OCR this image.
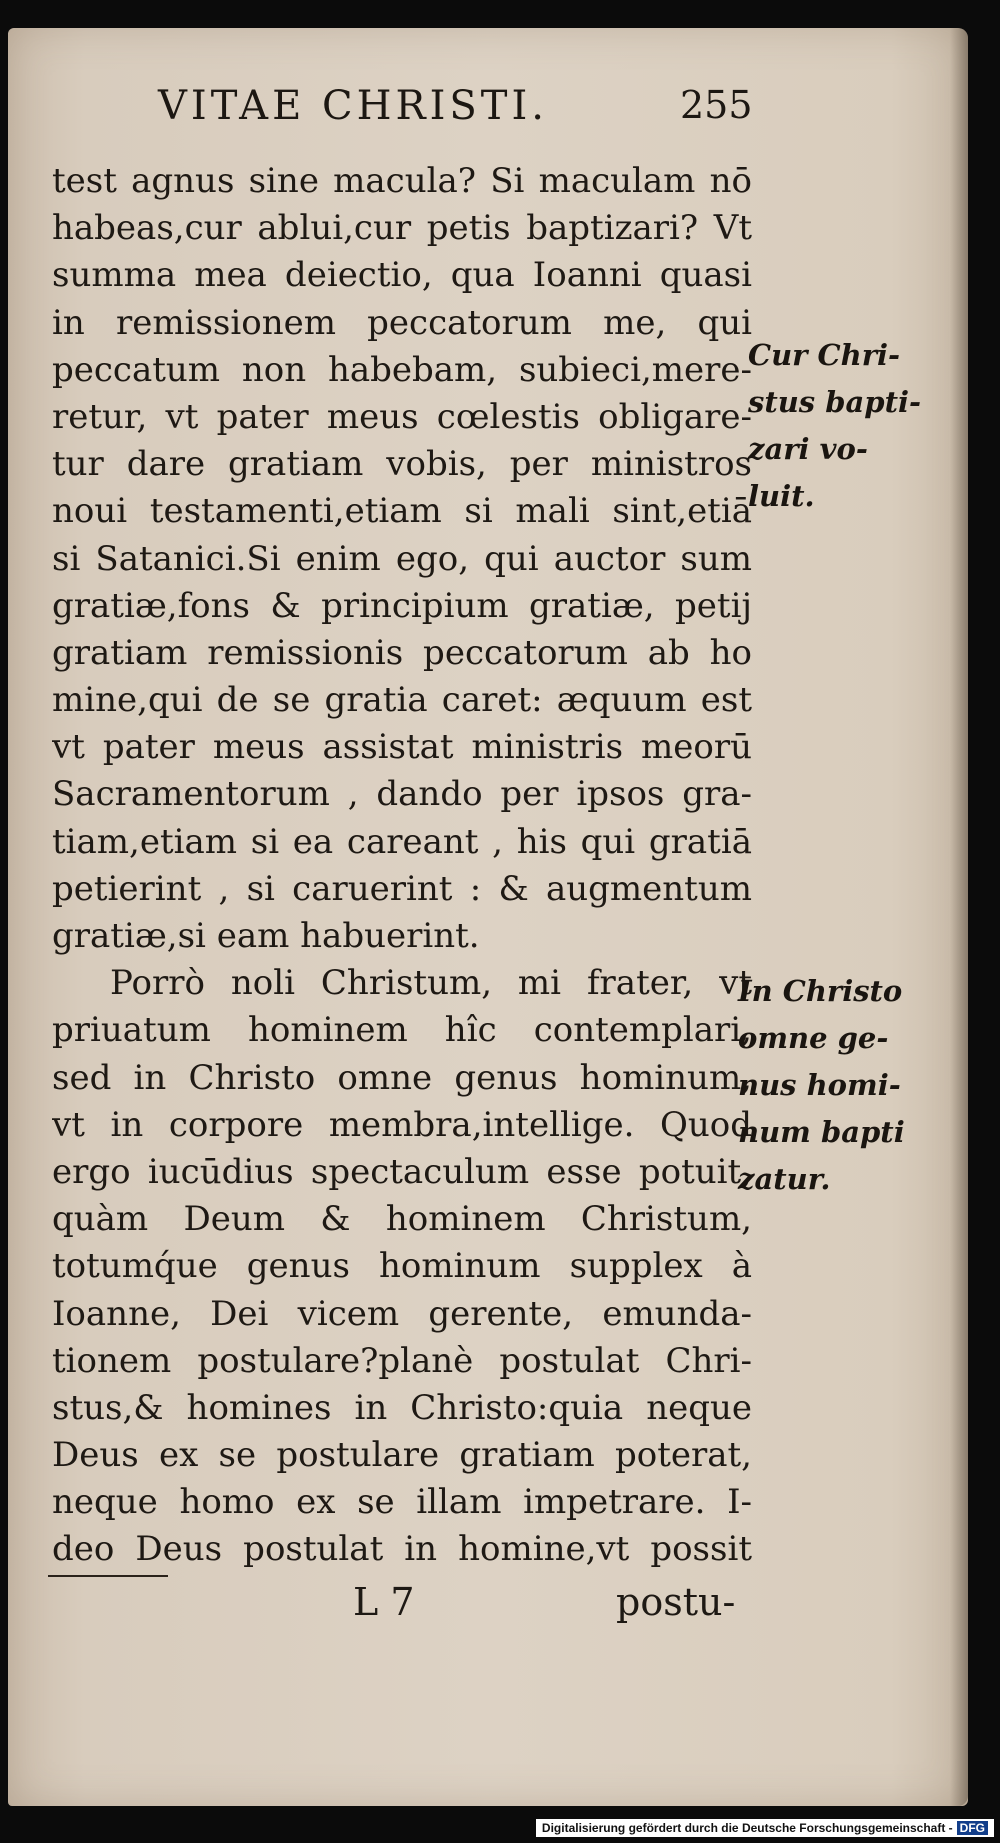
VITAE CHRISTI.	255
test agnus sine macula? Si maculam nō
habeas,cur ablui,cur petis baptizari? Vt
summa mea deiectio, qua Ioanni quasi
in remissionem peccatorum me, qui
peccatum non habebam, subieci,mere-
retur, vt pater meus cœlestis obligare-
tur dare gratiam vobis, per ministros
noui testamenti,etiam si mali sint,etiā
si Satanici.Si enim ego, qui auctor sum
gratiæ,fons & principium gratiæ, petij
gratiam remissionis peccatorum ab ho
mine,qui de se gratia caret: æquum est
vt pater meus assistat ministris meorū
Sacramentorum , dando per ipsos gra-
tiam,etiam si ea careant , his qui gratiā
petierint , si caruerint : & augmentum
gratiæ,si eam habuerint.
Porrò noli Christum, mi frater, vt
priuatum hominem hîc contemplari,
sed in Christo omne genus hominum,
vt in corpore membra,intellige. Quod
ergo iucūdius spectaculum esse potuit,
quàm Deum & hominem Christum,
totumq́ue genus hominum supplex à
Ioanne, Dei vicem gerente, emunda-
tionem postulare?planè postulat Chri-
stus,& homines in Christo:quia neque
Deus ex se postulare gratiam poterat,
neque homo ex se illam impetrare. I-
deo Deus postulat in homine,vt possit
Cur Chri-
stus bapti-
zari vo-
luit.
In Christo
omne ge-
nus homi-
num bapti
zatur.
L 7	postu-
Digitalisierung gefördert durch die Deutsche Forschungsgemeinschaft - DFG
